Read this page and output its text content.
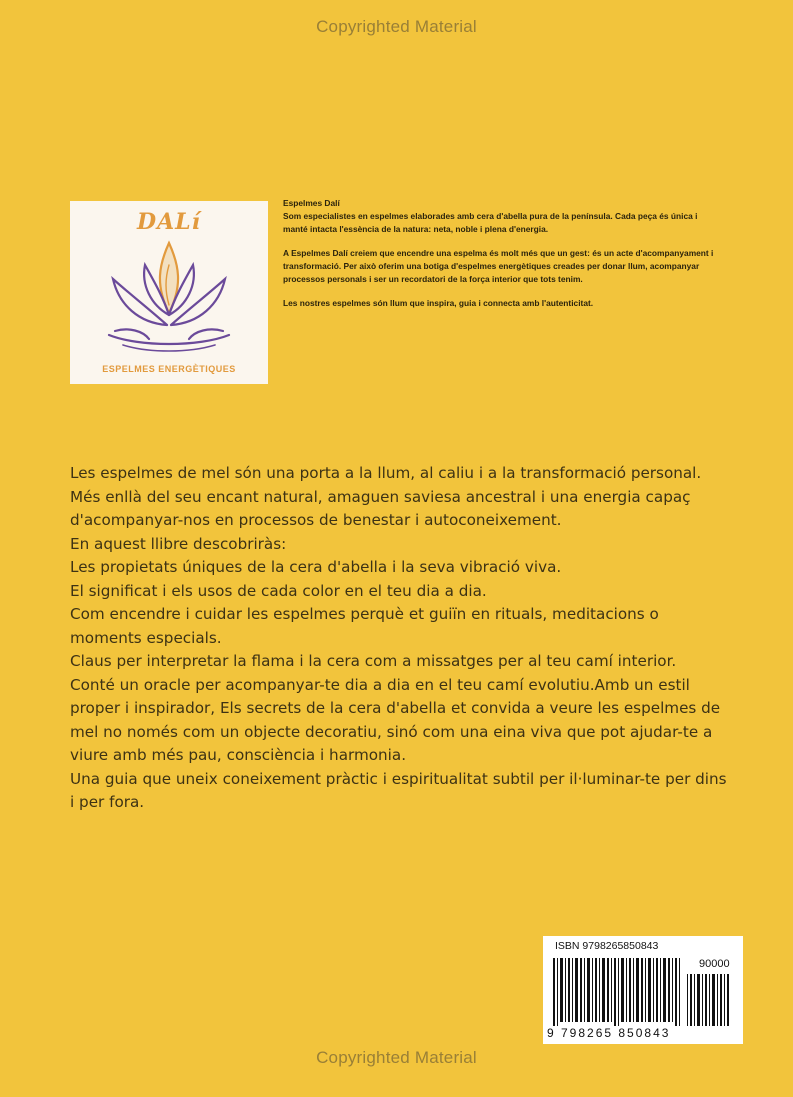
Copyrighted Material
DALí
ESPELMES ENERGÈTIQUES

Espelmes Dalí

Som especialistes en espelmes elaborades amb cera d'abella pura de la península. Cada peça és única i manté intacta l'essència de la natura: neta, noble i plena d'energia.

A Espelmes Dalí creiem que encendre una espelma és molt més que un gest: és un acte d'acompanyament i transformació. Per això oferim una botiga d'espelmes energètiques creades per donar llum, acompanyar processos personals i ser un recordatori de la força interior que tots tenim.

Les nostres espelmes són llum que inspira, guia i connecta amb l'autenticitat.

Les espelmes de mel són una porta a la llum, al caliu i a la transformació personal. Més enllà del seu encant natural, amaguen saviesa ancestral i una energia capaç d'acompanyar-nos en processos de benestar i autoconeixement.

En aquest llibre descobriràs:

Les propietats úniques de la cera d'abella i la seva vibració viva.

El significat i els usos de cada color en el teu dia a dia.

Com encendre i cuidar les espelmes perquè et guiïn en rituals, meditacions o moments especials.

Claus per interpretar la flama i la cera com a missatges per al teu camí interior.

Conté un oracle per acompanyar-te dia a dia en el teu camí evolutiu.Amb un estil proper i inspirador, Els secrets de la cera d'abella et convida a veure les espelmes de mel no només com un objecte decoratiu, sinó com una eina viva que pot ajudar-te a viure amb més pau, consciència i harmonia.

Una guia que uneix coneixement pràctic i espiritualitat subtil per il·luminar-te per dins i per fora.

ISBN 9798265850843
90000
9 798265 850843
Copyrighted Material
